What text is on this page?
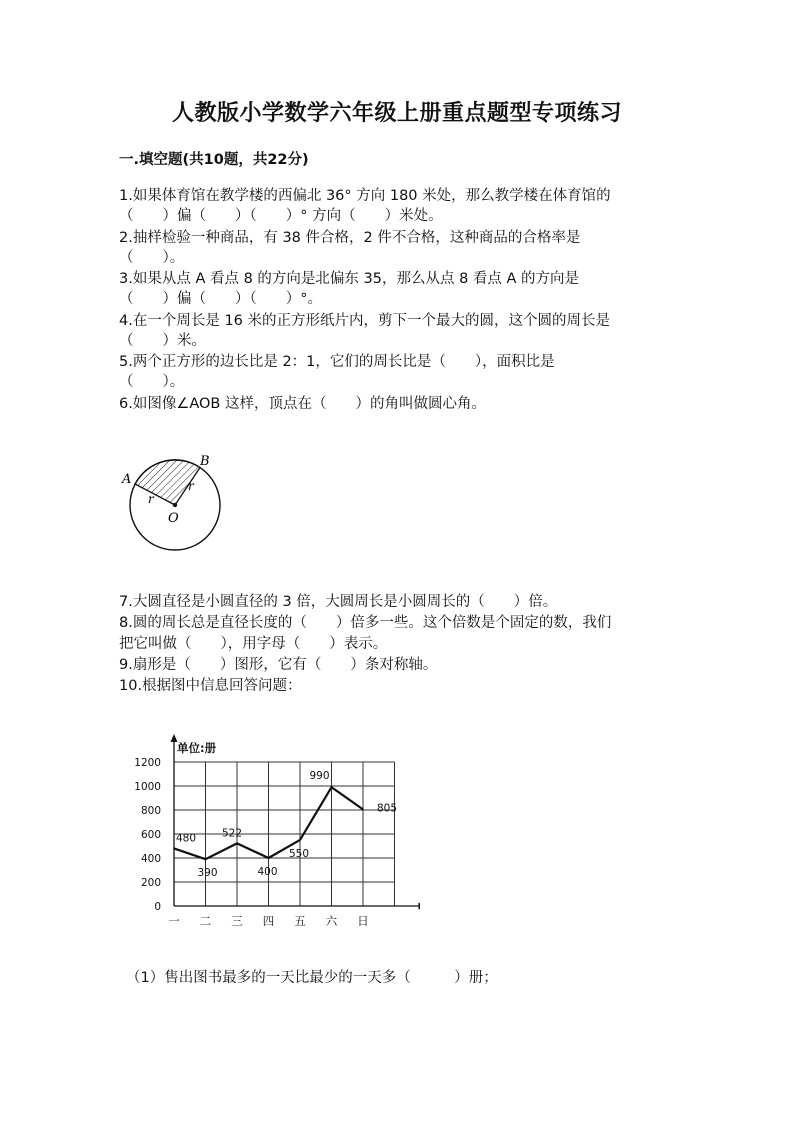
人教版小学数学六年级上册重点题型专项练习
一.填空题(共10题，共22分)
1.如果体育馆在教学楼的西偏北 36° 方向 180 米处，那么教学楼在体育馆的
（　　）偏（　　）（　　）° 方向（　　）米处。
2.抽样检验一种商品，有 38 件合格，2 件不合格，这种商品的合格率是
（　　）。
3.如果从点 A 看点 8 的方向是北偏东 35，那么从点 8 看点 A 的方向是
（　　）偏（　　）（　　）°。
4.在一个周长是 16 米的正方形纸片内，剪下一个最大的圆，这个圆的周长是
（　　）米。
5.两个正方形的边长比是 2：1，它们的周长比是（　　），面积比是
（　　）。
6.如图像∠AOB 这样，顶点在（　　）的角叫做圆心角。
A
B
O
r
r
7.大圆直径是小圆直径的 3 倍，大圆周长是小圆周长的（　　）倍。
8.圆的周长总是直径长度的（　　）倍多一些。这个倍数是个固定的数，我们
把它叫做（　　），用字母（　　）表示。
9.扇形是（　　）图形，它有（　　）条对称轴。
10.根据图中信息回答问题：
0
200
400
600
800
1000
1200
单位:册
一 二 三 四 五 六 日
480
390
522
400
550
990
805
（1）售出图书最多的一天比最少的一天多（　　　）册；
